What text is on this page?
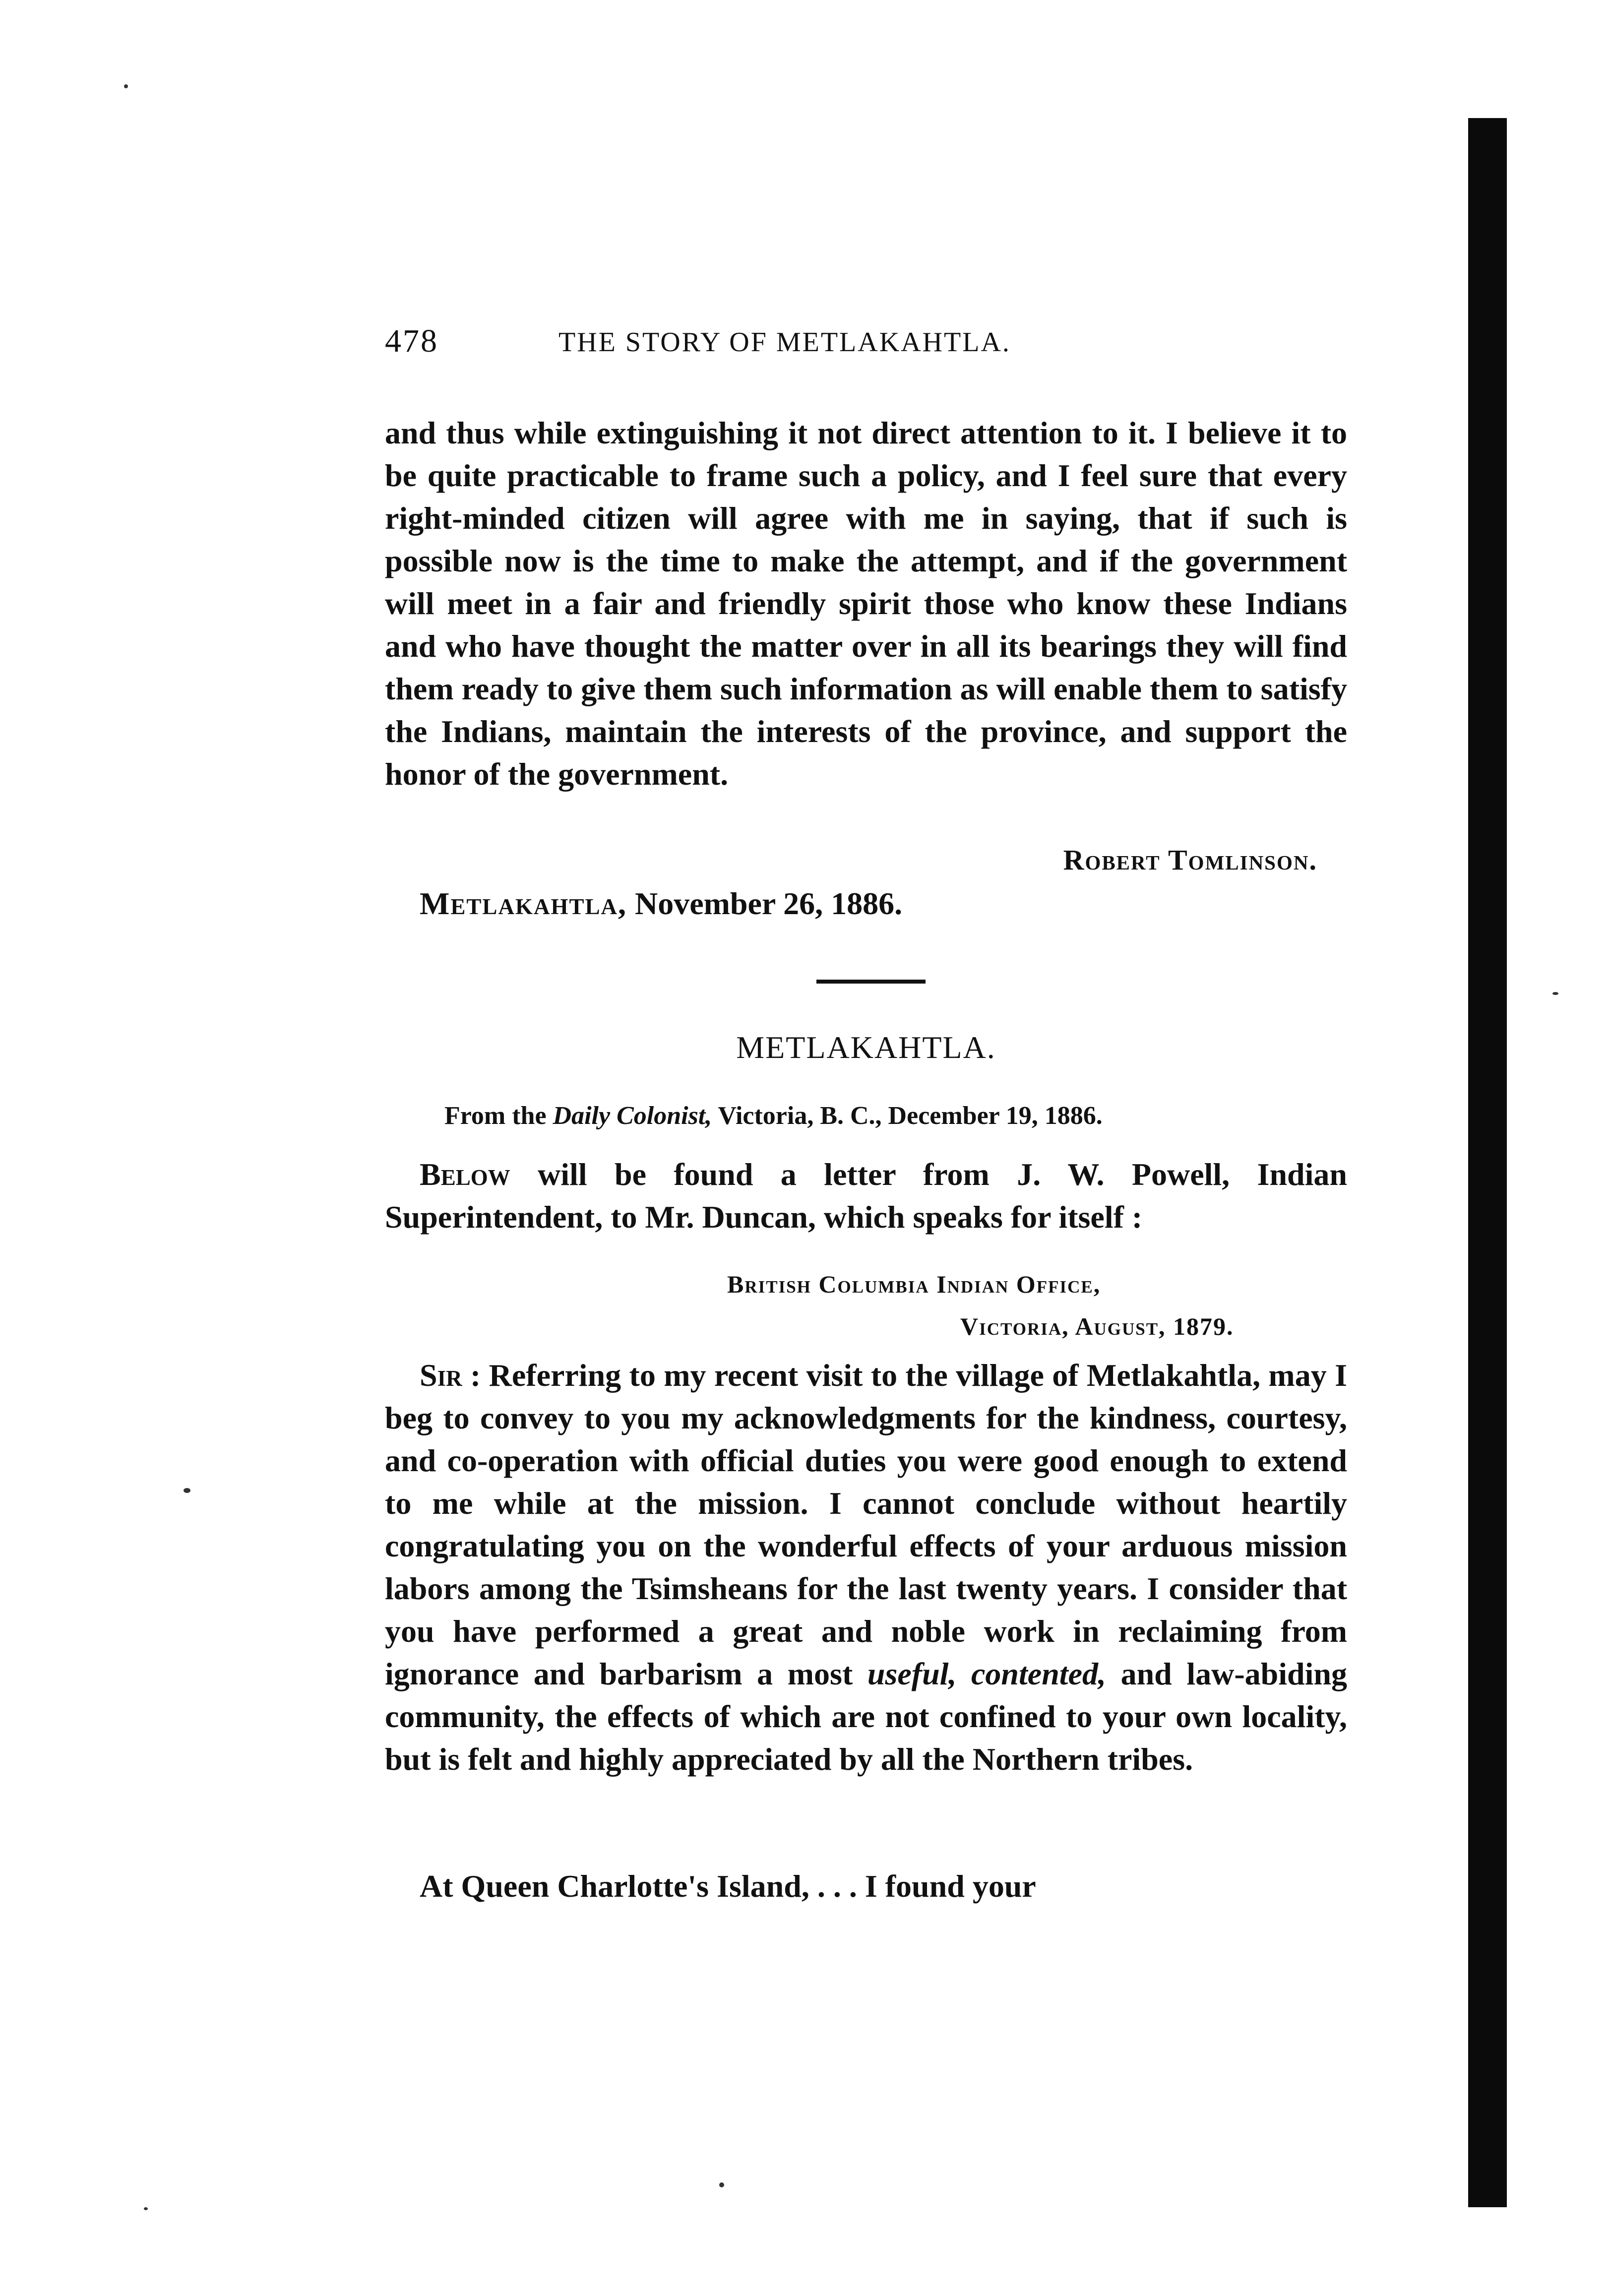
478	THE STORY OF METLAKAHTLA.

and thus while extinguishing it not direct attention to it. I believe it to be quite practicable to frame such a policy, and I feel sure that every right-minded citizen will agree with me in saying, that if such is possible now is the time to make the attempt, and if the government will meet in a fair and friendly spirit those who know these Indians and who have thought the matter over in all its bearings they will find them ready to give them such information as will enable them to satisfy the Indians, maintain the interests of the province, and support the honor of the government.

Robert Tomlinson.
Metlakahtla, November 26, 1886.
METLAKAHTLA.
From the Daily Colonist, Victoria, B. C., December 19, 1886.

Below will be found a letter from J. W. Powell, Indian Superintendent, to Mr. Duncan, which speaks for itself :

British Columbia Indian Office,
Victoria, August, 1879.

Sir : Referring to my recent visit to the village of Metlakahtla, may I beg to convey to you my acknowledgments for the kindness, courtesy, and co-operation with official duties you were good enough to extend to me while at the mission. I cannot conclude without heartily congratulating you on the wonderful effects of your arduous mission labors among the Tsimsheans for the last twenty years. I consider that you have performed a great and noble work in reclaiming from ignorance and barbarism a most useful, contented, and law-abiding community, the effects of which are not confined to your own locality, but is felt and highly appreciated by all the Northern tribes.

At Queen Charlotte's Island, . . . I found your
